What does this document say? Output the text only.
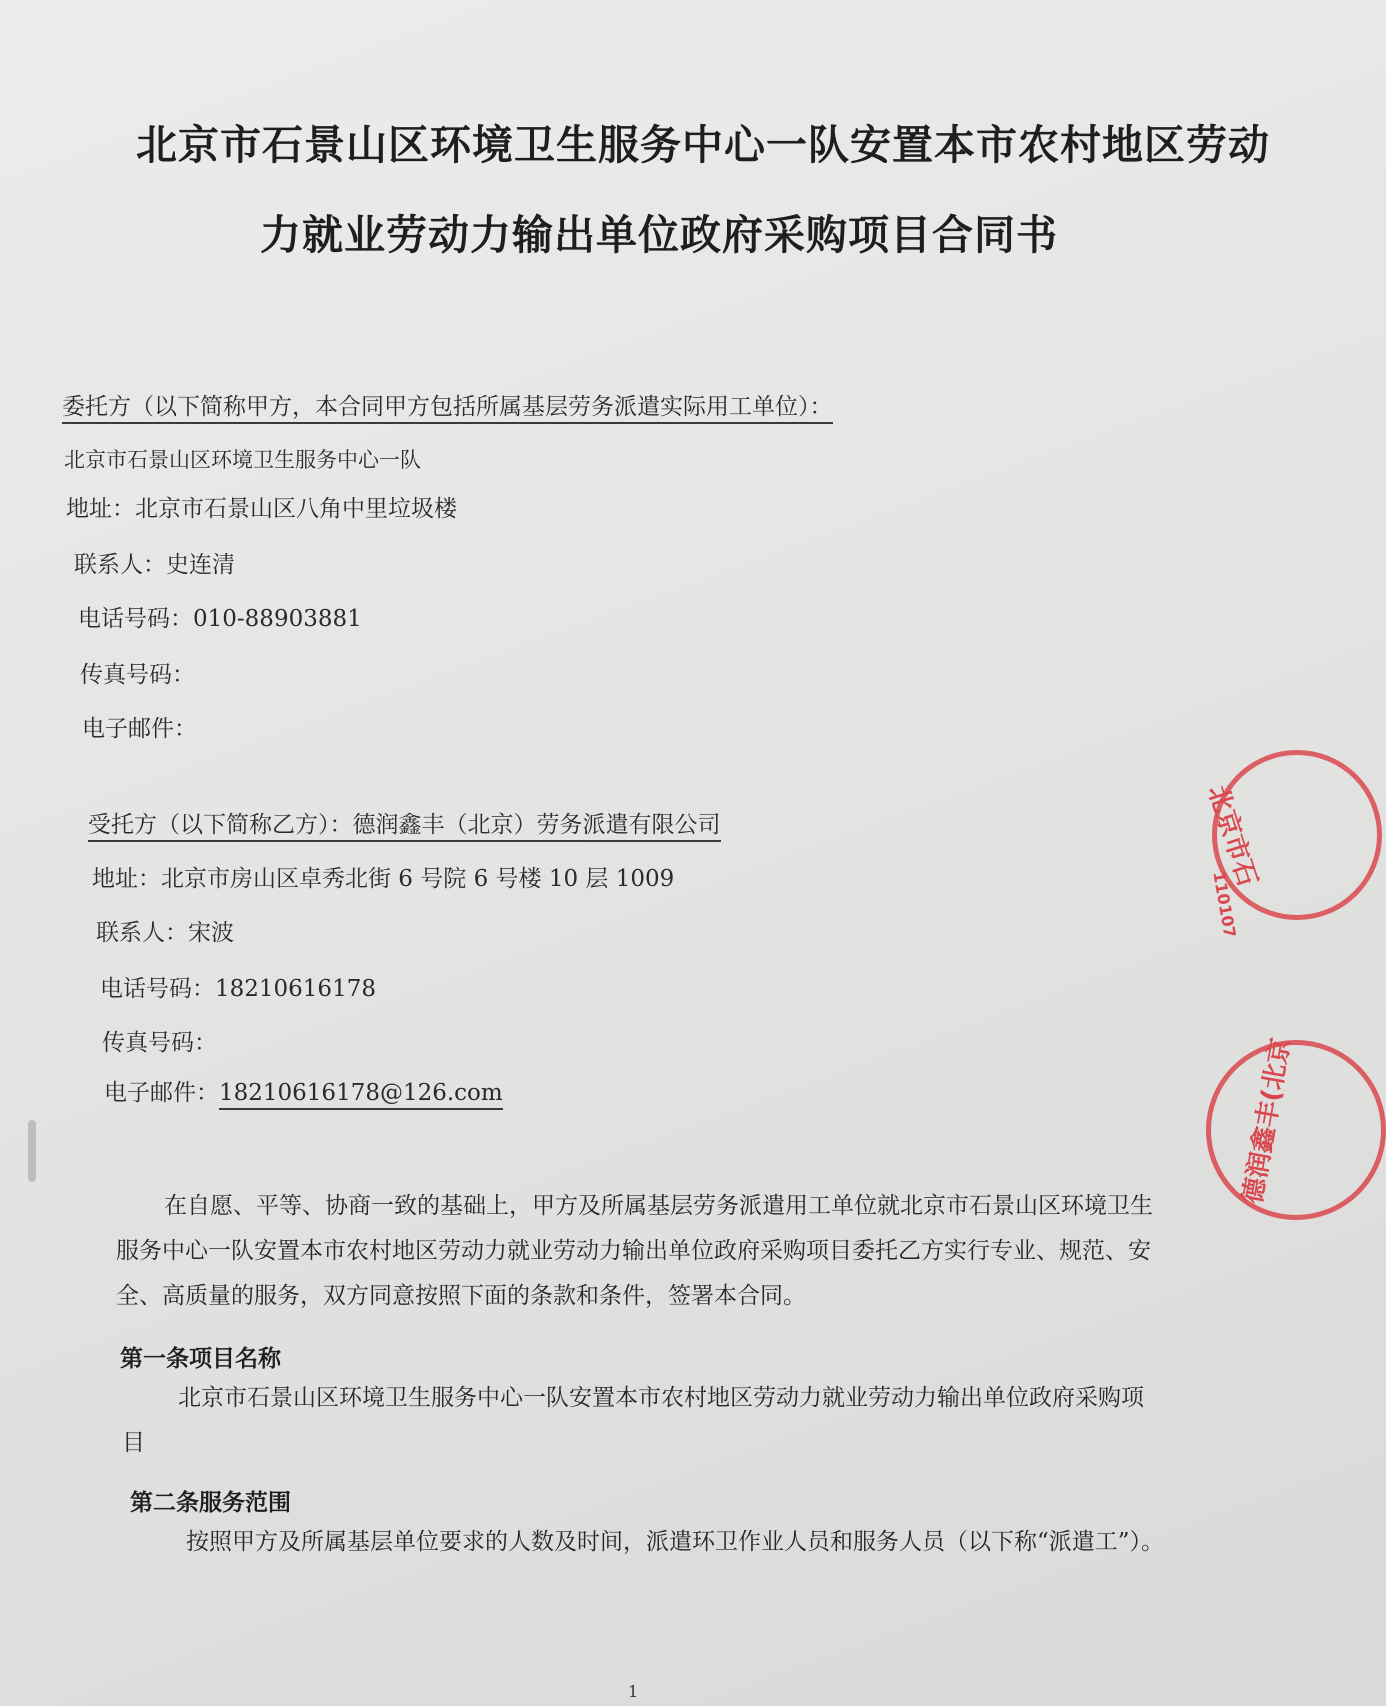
北京市石景山区环境卫生服务中心一队安置本市农村地区劳动
力就业劳动力输出单位政府采购项目合同书
委托方（以下简称甲方，本合同甲方包括所属基层劳务派遣实际用工单位）：
北京市石景山区环境卫生服务中心一队
地址：北京市石景山区八角中里垃圾楼
联系人：史连清
电话号码：010-88903881
传真号码：
电子邮件：
受托方（以下简称乙方）：德润鑫丰（北京）劳务派遣有限公司
地址：北京市房山区卓秀北街 6 号院 6 号楼 10 层 1009
联系人：宋波
电话号码：18210616178
传真号码：
电子邮件：18210616178@126.com
在自愿、平等、协商一致的基础上，甲方及所属基层劳务派遣用工单位就北京市石景山区环境卫生服务中心一队安置本市农村地区劳动力就业劳动力输出单位政府采购项目委托乙方实行专业、规范、安全、高质量的服务，双方同意按照下面的条款和条件，签署本合同。
第一条项目名称
北京市石景山区环境卫生服务中心一队安置本市农村地区劳动力就业劳动力输出单位政府采购项目
第二条服务范围
按照甲方及所属基层单位要求的人数及时间，派遣环卫作业人员和服务人员（以下称“派遣工”）。
1
北京市石
110107
德润鑫丰(北京
